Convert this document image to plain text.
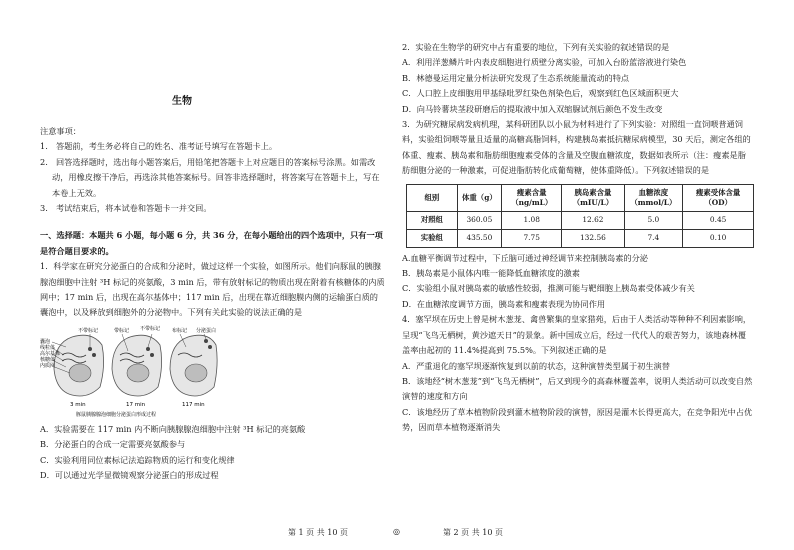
生物

注意事项：

1.　答题前，考生务必将自己的姓名、准考证号填写在答题卡上。

2.　回答选择题时，选出每小题答案后，用铅笔把答题卡上对应题目的答案标号涂黑。如需改动，用橡皮擦干净后，再选涂其他答案标号。回答非选择题时，将答案写在答题卡上，写在本卷上无效。

3.　考试结束后，将本试卷和答题卡一并交回。

一、选择题：本题共 6 小题，每小题 6 分，共 36 分，在每小题给出的四个选项中，只有一项是符合题目要求的。

1．科学家在研究分泌蛋白的合成和分泌时，做过这样一个实验，如图所示。他们向豚鼠的胰腺腺泡细胞中注射 ³H 标记的亮氨酸，3 min 后，带有放射标记的物质出现在附着有核糖体的内质网中；17 min 后，出现在高尔基体中；117 min 后，出现在靠近细胞膜内侧的运输蛋白质的囊泡中，以及释放到细胞外的分泌物中。下列有关此实验的说法正确的是

不带标记	带标记 不带标记 布标记 分泌蛋白
囊泡
线粒体
高尔基体
核糖体
内质网
3 min	17 min	117 min
豚鼠胰腺腺泡细胞分泌蛋白形成过程

A．实验需要在 117 min 内不断向胰腺腺泡细胞中注射 ³H 标记的亮氨酸

B．分泌蛋白的合成一定需要亮氨酸参与

C．实验利用同位素标记法追踪物质的运行和变化规律

D．可以通过光学显微镜观察分泌蛋白的形成过程

2．实验在生物学的研究中占有重要的地位，下列有关实验的叙述错误的是

A．利用洋葱鳞片叶内表皮细胞进行质壁分离实验，可加入台盼蓝溶液进行染色

B．林德曼运用定量分析法研究发现了生态系统能量流动的特点

C．人口腔上皮细胞用甲基绿吡罗红染色剂染色后，观察到红色区域面积更大

D．向马铃薯块茎段研磨后的提取液中加入双缩脲试剂后颜色不发生改变

3．为研究糖尿病发病机理，某科研团队以小鼠为材料进行了下列实验：对照组一直饲喂普通饲料，实验组饲喂等量且适量的高糖高脂饲料，构建胰岛素抵抗糖尿病模型，30 天后，测定各组的体重、瘦素、胰岛素和脂肪细胞瘦素受体的含量及空腹血糖浓度，数据如表所示（注：瘦素是脂肪细胞分泌的一种激素，可促进脂肪转化成葡萄糖，使体重降低）。下列叙述错误的是

组别	体重（g）	瘦素含量（ng/mL）	胰岛素含量（mIU/L）	血糖浓度（mmol/L）	瘦素受体含量（OD）
对照组	360.05	1.08	12.62	5.0	0.45
实验组	435.50	7.75	132.56	7.4	0.10

A.血糖平衡调节过程中，下丘脑可通过神经调节来控制胰岛素的分泌

B．胰岛素是小鼠体内唯一能降低血糖浓度的激素

C．实验组小鼠对胰岛素的敏感性较弱，推测可能与靶细胞上胰岛素受体减少有关

D．在血糖浓度调节方面，胰岛素和瘦素表现为协同作用

4．塞罕坝在历史上曾是树木葱茏、禽兽繁集的皇家猎苑，后由于人类活动等种种不利因素影响，呈现“飞鸟无栖树，黄沙遮天日”的景象。新中国成立后，经过一代代人的艰苦努力，该地森林覆盖率由起初的 11.4%提高到 75.5%。下列叙述正确的是

A．严重退化的塞罕坝逐渐恢复到以前的状态，这种演替类型属于初生演替

B．该地经“树木葱茏”到“飞鸟无栖树”，后又到现今的高森林覆盖率，说明人类活动可以改变自然演替的速度和方向

C．该地经历了草本植物阶段到灌木植物阶段的演替，原因是灌木长得更高大，在竞争阳光中占优势，因而草本植物逐渐消失

第 1 页 共 10 页	◎	第 2 页 共 10 页
